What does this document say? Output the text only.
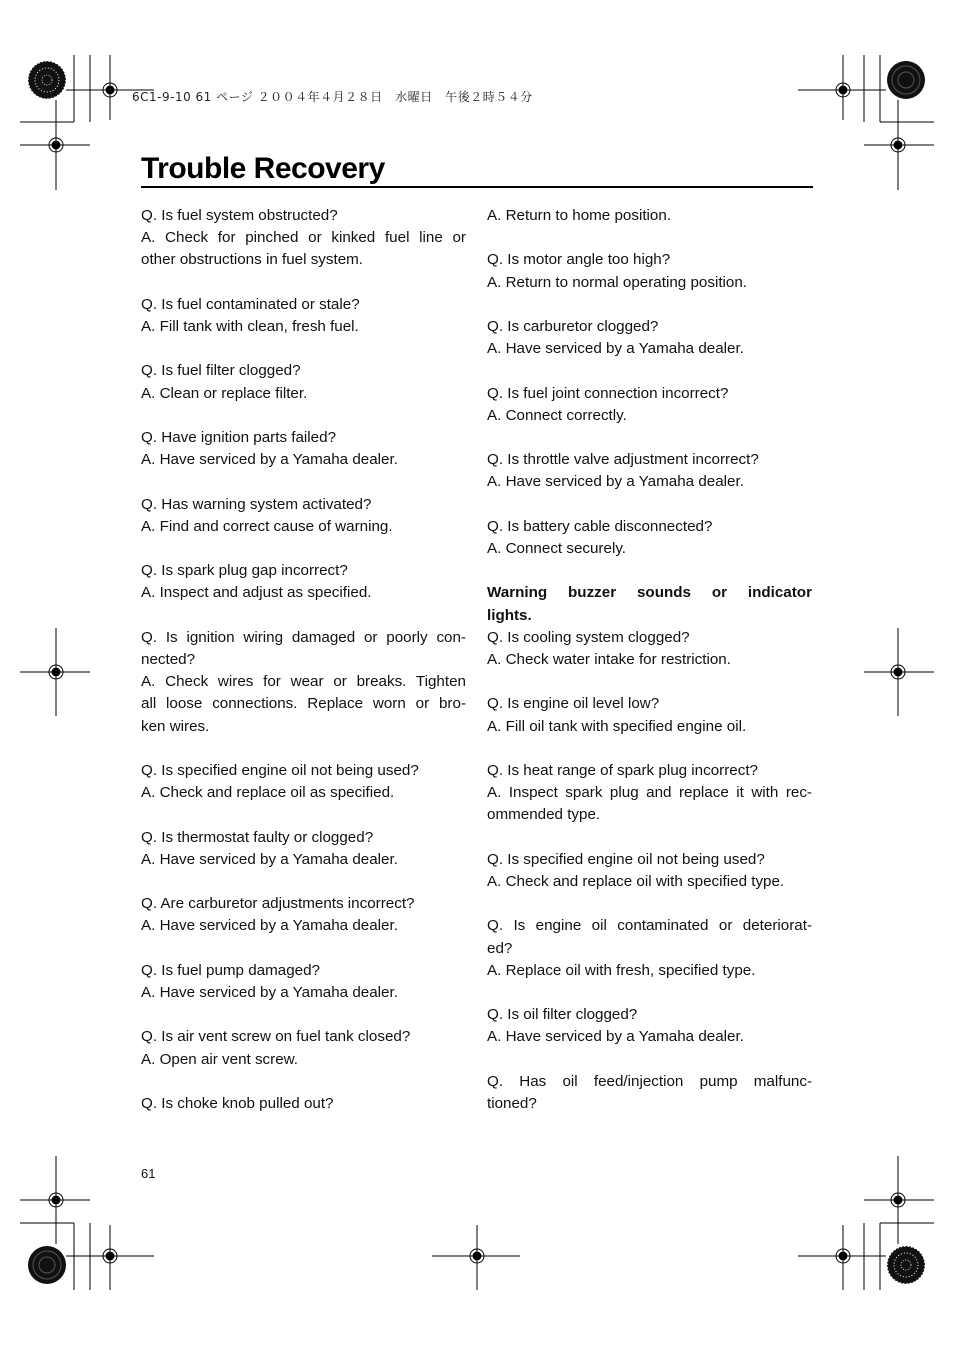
6C1-9-10 61 ページ ２００４年４月２８日　水曜日　午後２時５４分
Trouble Recovery
Q. Is fuel system obstructed?
A. Check for pinched or kinked fuel line or
other obstructions in fuel system.
Q. Is fuel contaminated or stale?
A. Fill tank with clean, fresh fuel.
Q. Is fuel filter clogged?
A. Clean or replace filter.
Q. Have ignition parts failed?
A. Have serviced by a Yamaha dealer.
Q. Has warning system activated?
A. Find and correct cause of warning.
Q. Is spark plug gap incorrect?
A. Inspect and adjust as specified.
Q. Is ignition wiring damaged or poorly con-
nected?
A. Check wires for wear or breaks. Tighten
all loose connections. Replace worn or bro-
ken wires.
Q. Is specified engine oil not being used?
A. Check and replace oil as specified.
Q. Is thermostat faulty or clogged?
A. Have serviced by a Yamaha dealer.
Q. Are carburetor adjustments incorrect?
A. Have serviced by a Yamaha dealer.
Q. Is fuel pump damaged?
A. Have serviced by a Yamaha dealer.
Q. Is air vent screw on fuel tank closed?
A. Open air vent screw.
Q. Is choke knob pulled out?
A. Return to home position.
Q. Is motor angle too high?
A. Return to normal operating position.
Q. Is carburetor clogged?
A. Have serviced by a Yamaha dealer.
Q. Is fuel joint connection incorrect?
A. Connect correctly.
Q. Is throttle valve adjustment incorrect?
A. Have serviced by a Yamaha dealer.
Q. Is battery cable disconnected?
A. Connect securely.
Warning buzzer sounds or indicator
lights.
Q. Is cooling system clogged?
A. Check water intake for restriction.
Q. Is engine oil level low?
A. Fill oil tank with specified engine oil.
Q. Is heat range of spark plug incorrect?
A. Inspect spark plug and replace it with rec-
ommended type.
Q. Is specified engine oil not being used?
A. Check and replace oil with specified type.
Q. Is engine oil contaminated or deteriorat-
ed?
A. Replace oil with fresh, specified type.
Q. Is oil filter clogged?
A. Have serviced by a Yamaha dealer.
Q. Has oil feed/injection pump malfunc-
tioned?
61
